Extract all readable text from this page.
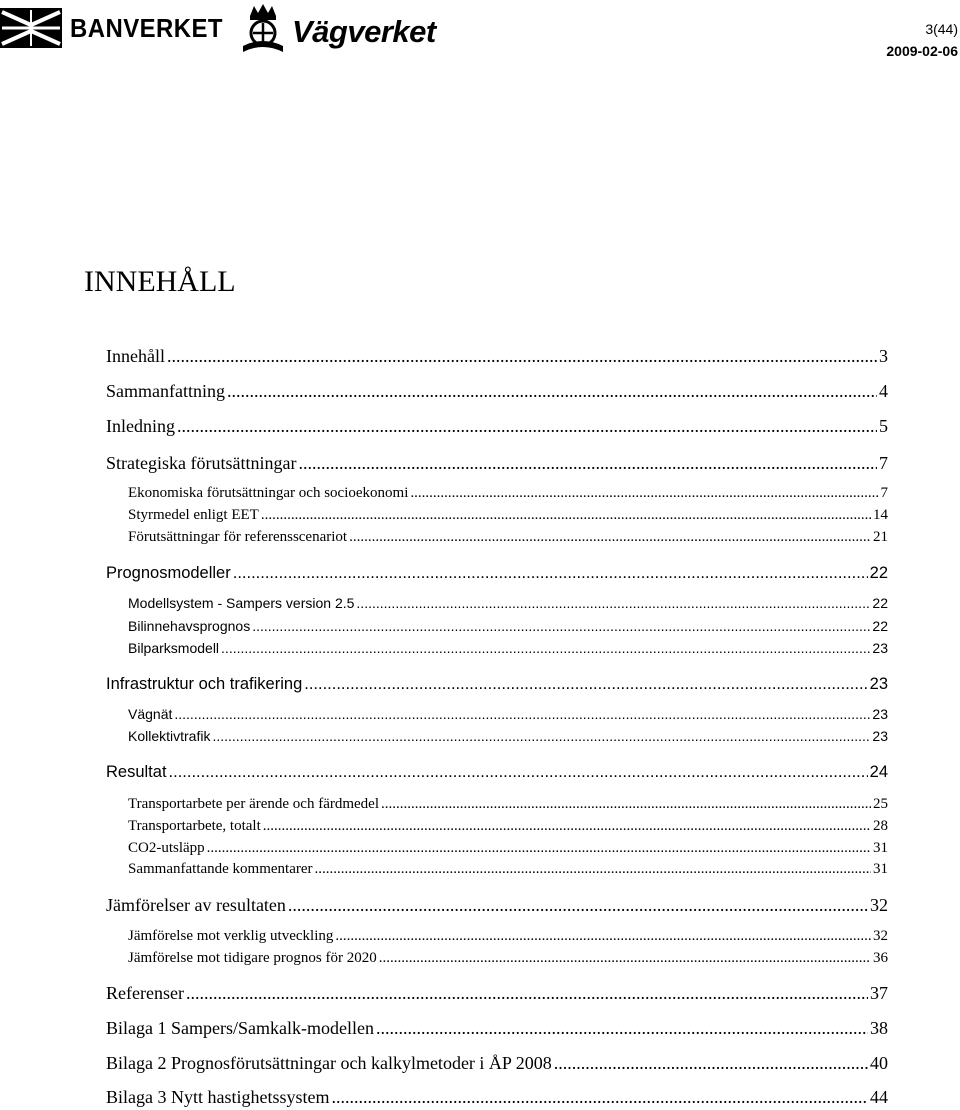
BANVERKET Vägverket	3(44)
2009-02-06
INNEHÅLL
Innehåll .....	3
Sammanfattning .....	4
Inledning .....	5
Strategiska förutsättningar .....	7
Ekonomiska förutsättningar och socioekonomi .....	7
Styrmedel enligt EET .....	14
Förutsättningar för referensscenariot .....	21
Prognosmodeller .....	22
Modellsystem - Sampers version 2.5 .....	22
Bilinnehavsprognos .....	22
Bilparksmodell .....	23
Infrastruktur och trafikering .....	23
Vägnät .....	23
Kollektivtrafik .....	23
Resultat .....	24
Transportarbete per ärende och färdmedel .....	25
Transportarbete, totalt .....	28
CO2-utsläpp .....	31
Sammanfattande kommentarer .....	31
Jämförelser av resultaten .....	32
Jämförelse mot verklig utveckling .....	32
Jämförelse mot tidigare prognos för 2020 .....	36
Referenser .....	37
Bilaga 1 Sampers/Samkalk-modellen .....	38
Bilaga 2 Prognosförutsättningar och kalkylmetoder i ÅP 2008 .....	40
Bilaga 3 Nytt hastighetssystem .....	44
